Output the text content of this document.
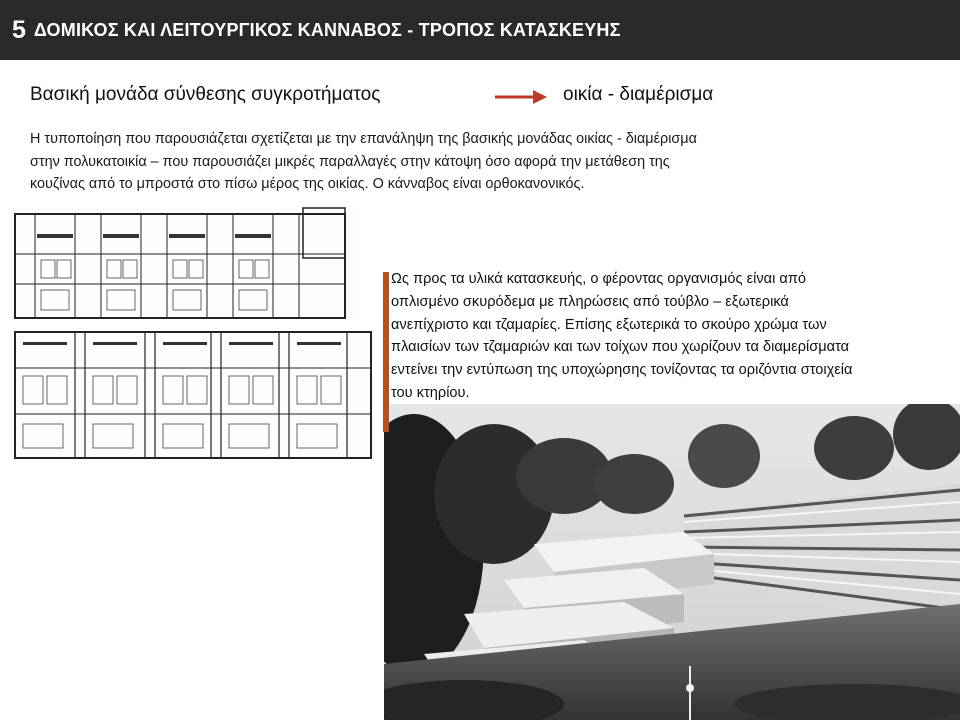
5 ΔΟΜΙΚΟΣ ΚΑΙ ΛΕΙΤΟΥΡΓΙΚΟΣ ΚΑΝΝΑΒΟΣ - ΤΡΟΠΟΣ ΚΑΤΑΣΚΕΥΗΣ
Βασική μονάδα σύνθεσης συγκροτήματος	οικία - διαμέρισμα

Η τυποποίηση που παρουσιάζεται σχετίζεται με την επανάληψη της βασικής μονάδας οικίας - διαμέρισμα
στην πολυκατοικία – που παρουσιάζει μικρές παραλλαγές στην κάτοψη όσο αφορά την μετάθεση της
κουζίνας από το μπροστά στο πίσω μέρος της οικίας. Ο κάνναβος είναι ορθοκανονικός.

Ως προς τα υλικά κατασκευής, ο φέροντας οργανισμός είναι από
οπλισμένο σκυρόδεμα με πληρώσεις από τούβλο – εξωτερικά
ανεπίχριστο και τζαμαρίες. Επίσης εξωτερικά το σκούρο χρώμα των
πλαισίων των τζαμαριών και των τοίχων που χωρίζουν τα διαμερίσματα
εντείνει την εντύπωση της υποχώρησης τονίζοντας τα οριζόντια στοιχεία
του κτηρίου.
